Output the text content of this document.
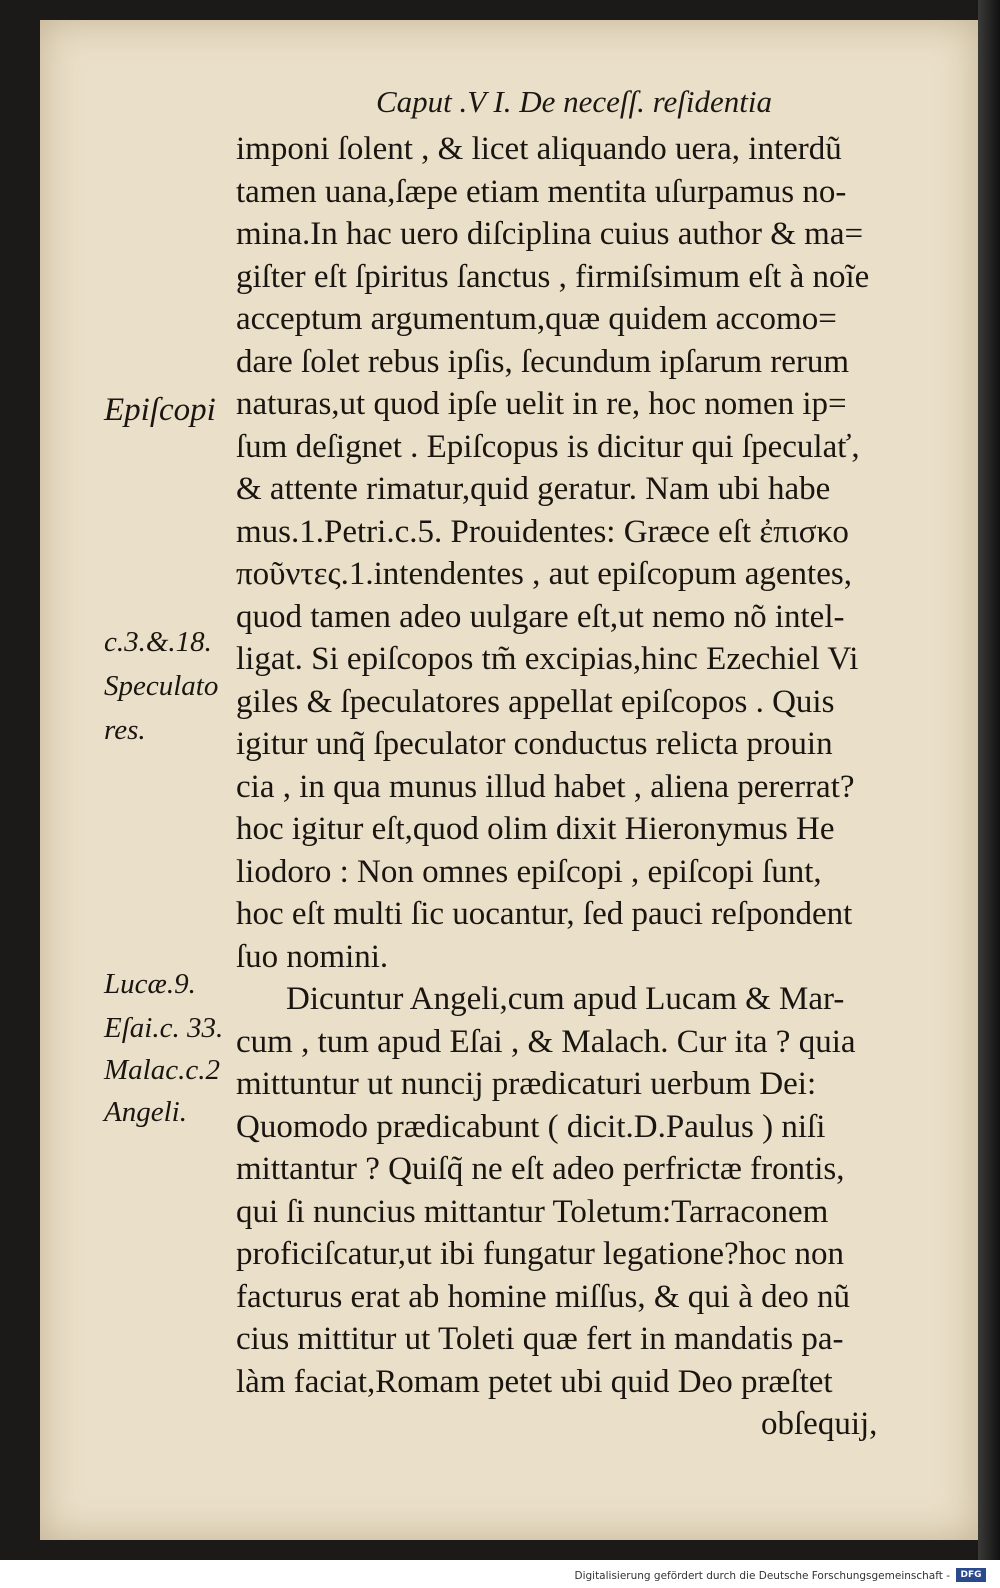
Caput .V I. De neceſſ. reſidentia
imponi ſolent , & licet aliquando uera, interdũ
tamen uana,ſæpe etiam mentita uſurpamus no-
mina.In hac uero diſciplina cuius author & ma=
giſter eſt ſpiritus ſanctus , firmiſsimum eſt à noĩe
acceptum argumentum,quæ quidem accomo=
dare ſolet rebus ipſis, ſecundum ipſarum rerum
naturas,ut quod ipſe uelit in re, hoc nomen ip=
ſum deſignet . Epiſcopus is dicitur qui ſpeculať,
& attente rimatur,quid geratur. Nam ubi habe
mus.1.Petri.c.5. Prouidentes: Græce eſt ἐπισκο
ποῦντες.1.intendentes , aut epiſcopum agentes,
quod tamen adeo uulgare eſt,ut nemo nõ intel-
ligat. Si epiſcopos tm̃ excipias,hinc Ezechiel Vi
giles & ſpeculatores appellat epiſcopos . Quis
igitur unq̃ ſpeculator conductus relicta prouin
cia , in qua munus illud habet , aliena pererrat?
hoc igitur eſt,quod olim dixit Hieronymus He
liodoro : Non omnes epiſcopi , epiſcopi ſunt,
hoc eſt multi ſic uocantur, ſed pauci reſpondent
ſuo nomini.
Dicuntur Angeli,cum apud Lucam & Mar-
cum , tum apud Eſai , & Malach. Cur ita ? quia
mittuntur ut nuncij prædicaturi uerbum Dei:
Quomodo prædicabunt ( dicit.D.Paulus ) niſi
mittantur ? Quiſq̃ ne eſt adeo perfrictæ frontis,
qui ſi nuncius mittantur Toletum:Tarraconem
proficiſcatur,ut ibi fungatur legatione?hoc non
facturus erat ab homine miſſus, & qui à deo nũ
cius mittitur ut Toleti quæ fert in mandatis pa-
làm faciat,Romam petet ubi quid Deo præſtet
obſequij,
Epiſcopi
c.3.&.18.
Speculato
res.
Lucæ.9.
Eſai.c. 33.
Malac.c.2
Angeli.
Digitalisierung gefördert durch die Deutsche Forschungsgemeinschaft -	DFG
